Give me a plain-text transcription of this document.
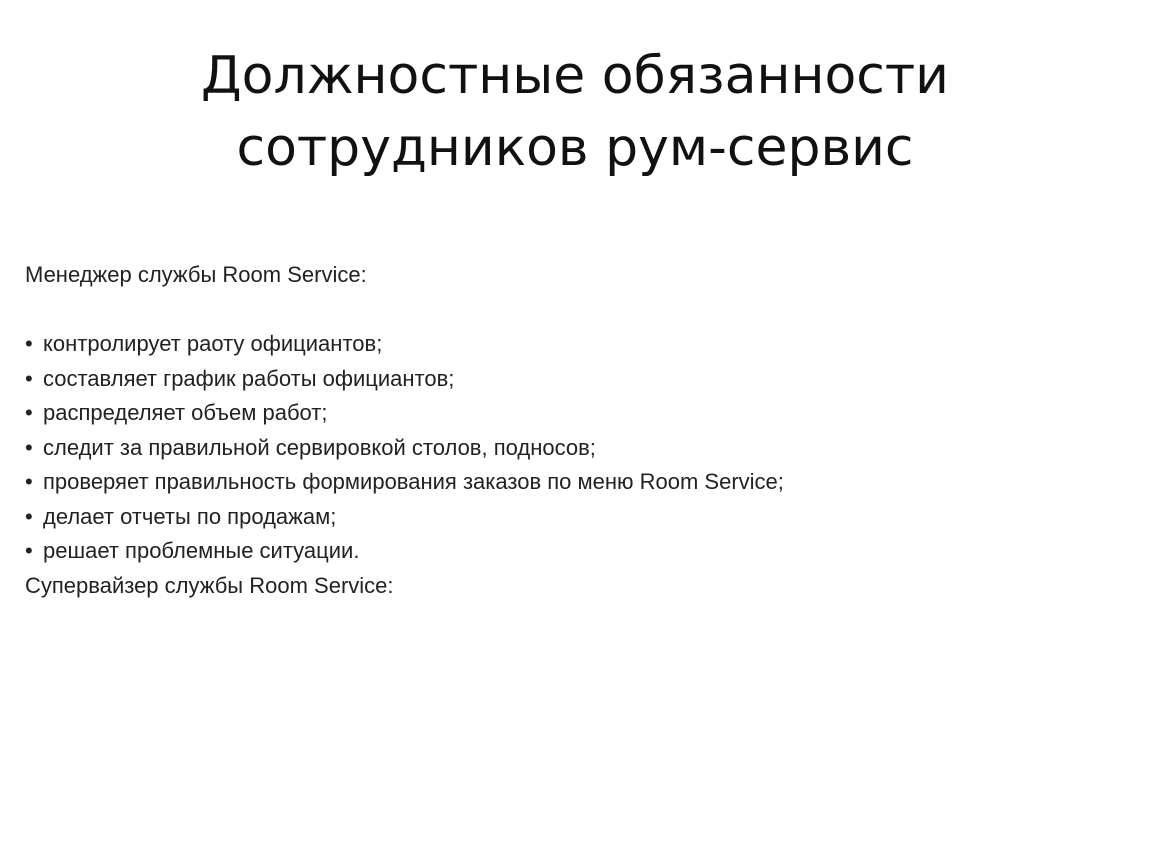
Должностные обязанности
сотрудников рум-сервис
Менеджер службы Room Service:
• контролирует раоту официантов;
• составляет график работы официантов;
• распределяет объем работ;
• следит за правильной сервировкой столов, подносов;
• проверяет правильность формирования заказов по меню Room Service;
• делает отчеты по продажам;
• решает проблемные ситуации.
Супервайзер службы Room Service:
